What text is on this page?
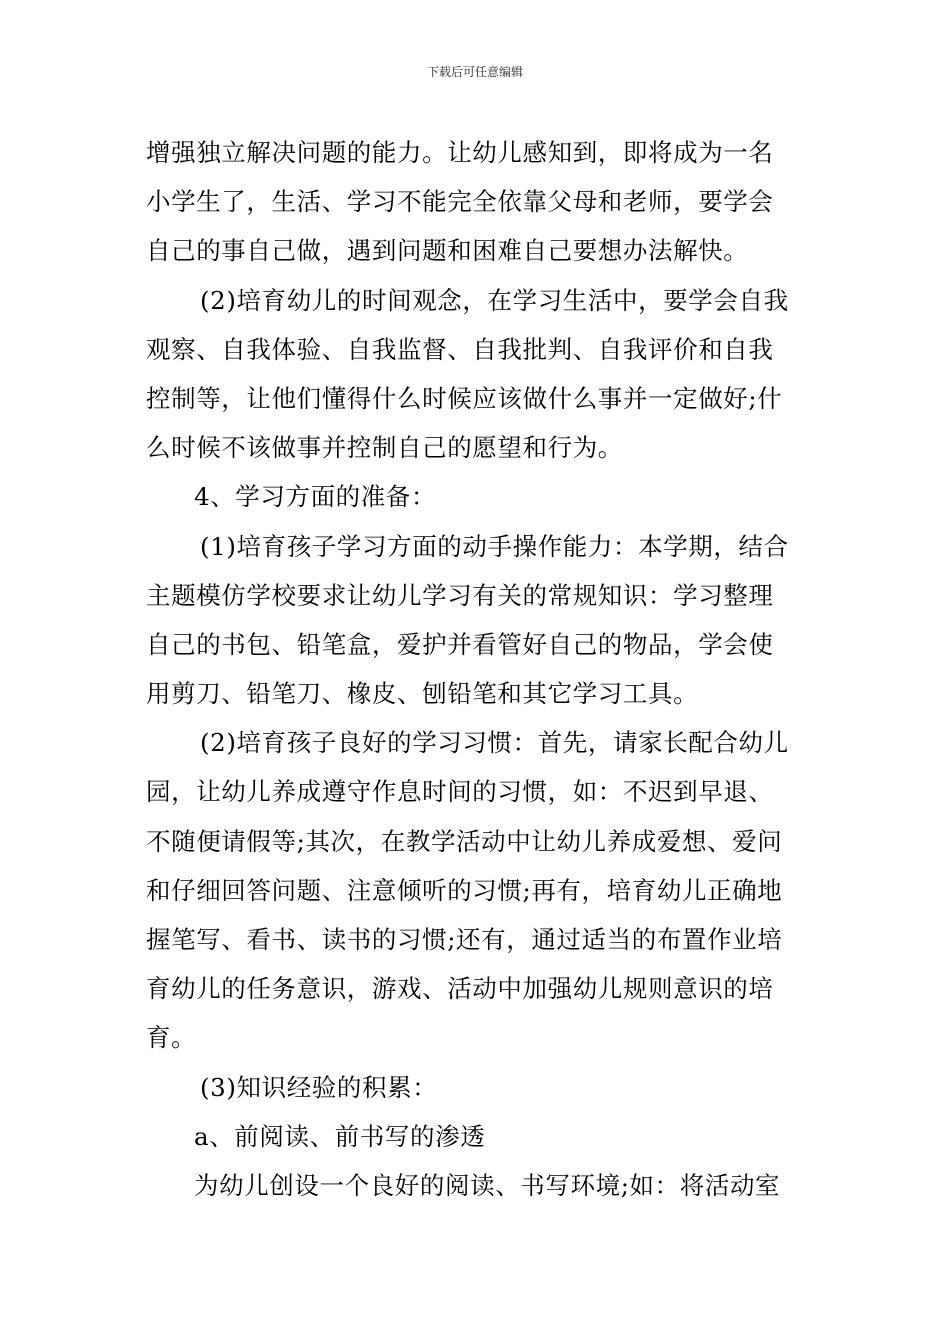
下载后可任意编辑
增强独立解决问题的能力。让幼儿感知到，即将成为一名
小学生了，生活、学习不能完全依靠父母和老师，要学会
自己的事自己做，遇到问题和困难自己要想办法解快。
(2)培育幼儿的时间观念，在学习生活中，要学会自我
观察、自我体验、自我监督、自我批判、自我评价和自我
控制等，让他们懂得什么时候应该做什么事并一定做好;什
么时候不该做事并控制自己的愿望和行为。
4、学习方面的准备：
(1)培育孩子学习方面的动手操作能力：本学期，结合
主题模仿学校要求让幼儿学习有关的常规知识：学习整理
自己的书包、铅笔盒，爱护并看管好自己的物品，学会使
用剪刀、铅笔刀、橡皮、刨铅笔和其它学习工具。
(2)培育孩子良好的学习习惯：首先，请家长配合幼儿
园，让幼儿养成遵守作息时间的习惯，如：不迟到早退、
不随便请假等;其次，在教学活动中让幼儿养成爱想、爱问
和仔细回答问题、注意倾听的习惯;再有，培育幼儿正确地
握笔写、看书、读书的习惯;还有，通过适当的布置作业培
育幼儿的任务意识，游戏、活动中加强幼儿规则意识的培
育。
(3)知识经验的积累：
a、前阅读、前书写的渗透
为幼儿创设一个良好的阅读、书写环境;如：将活动室
